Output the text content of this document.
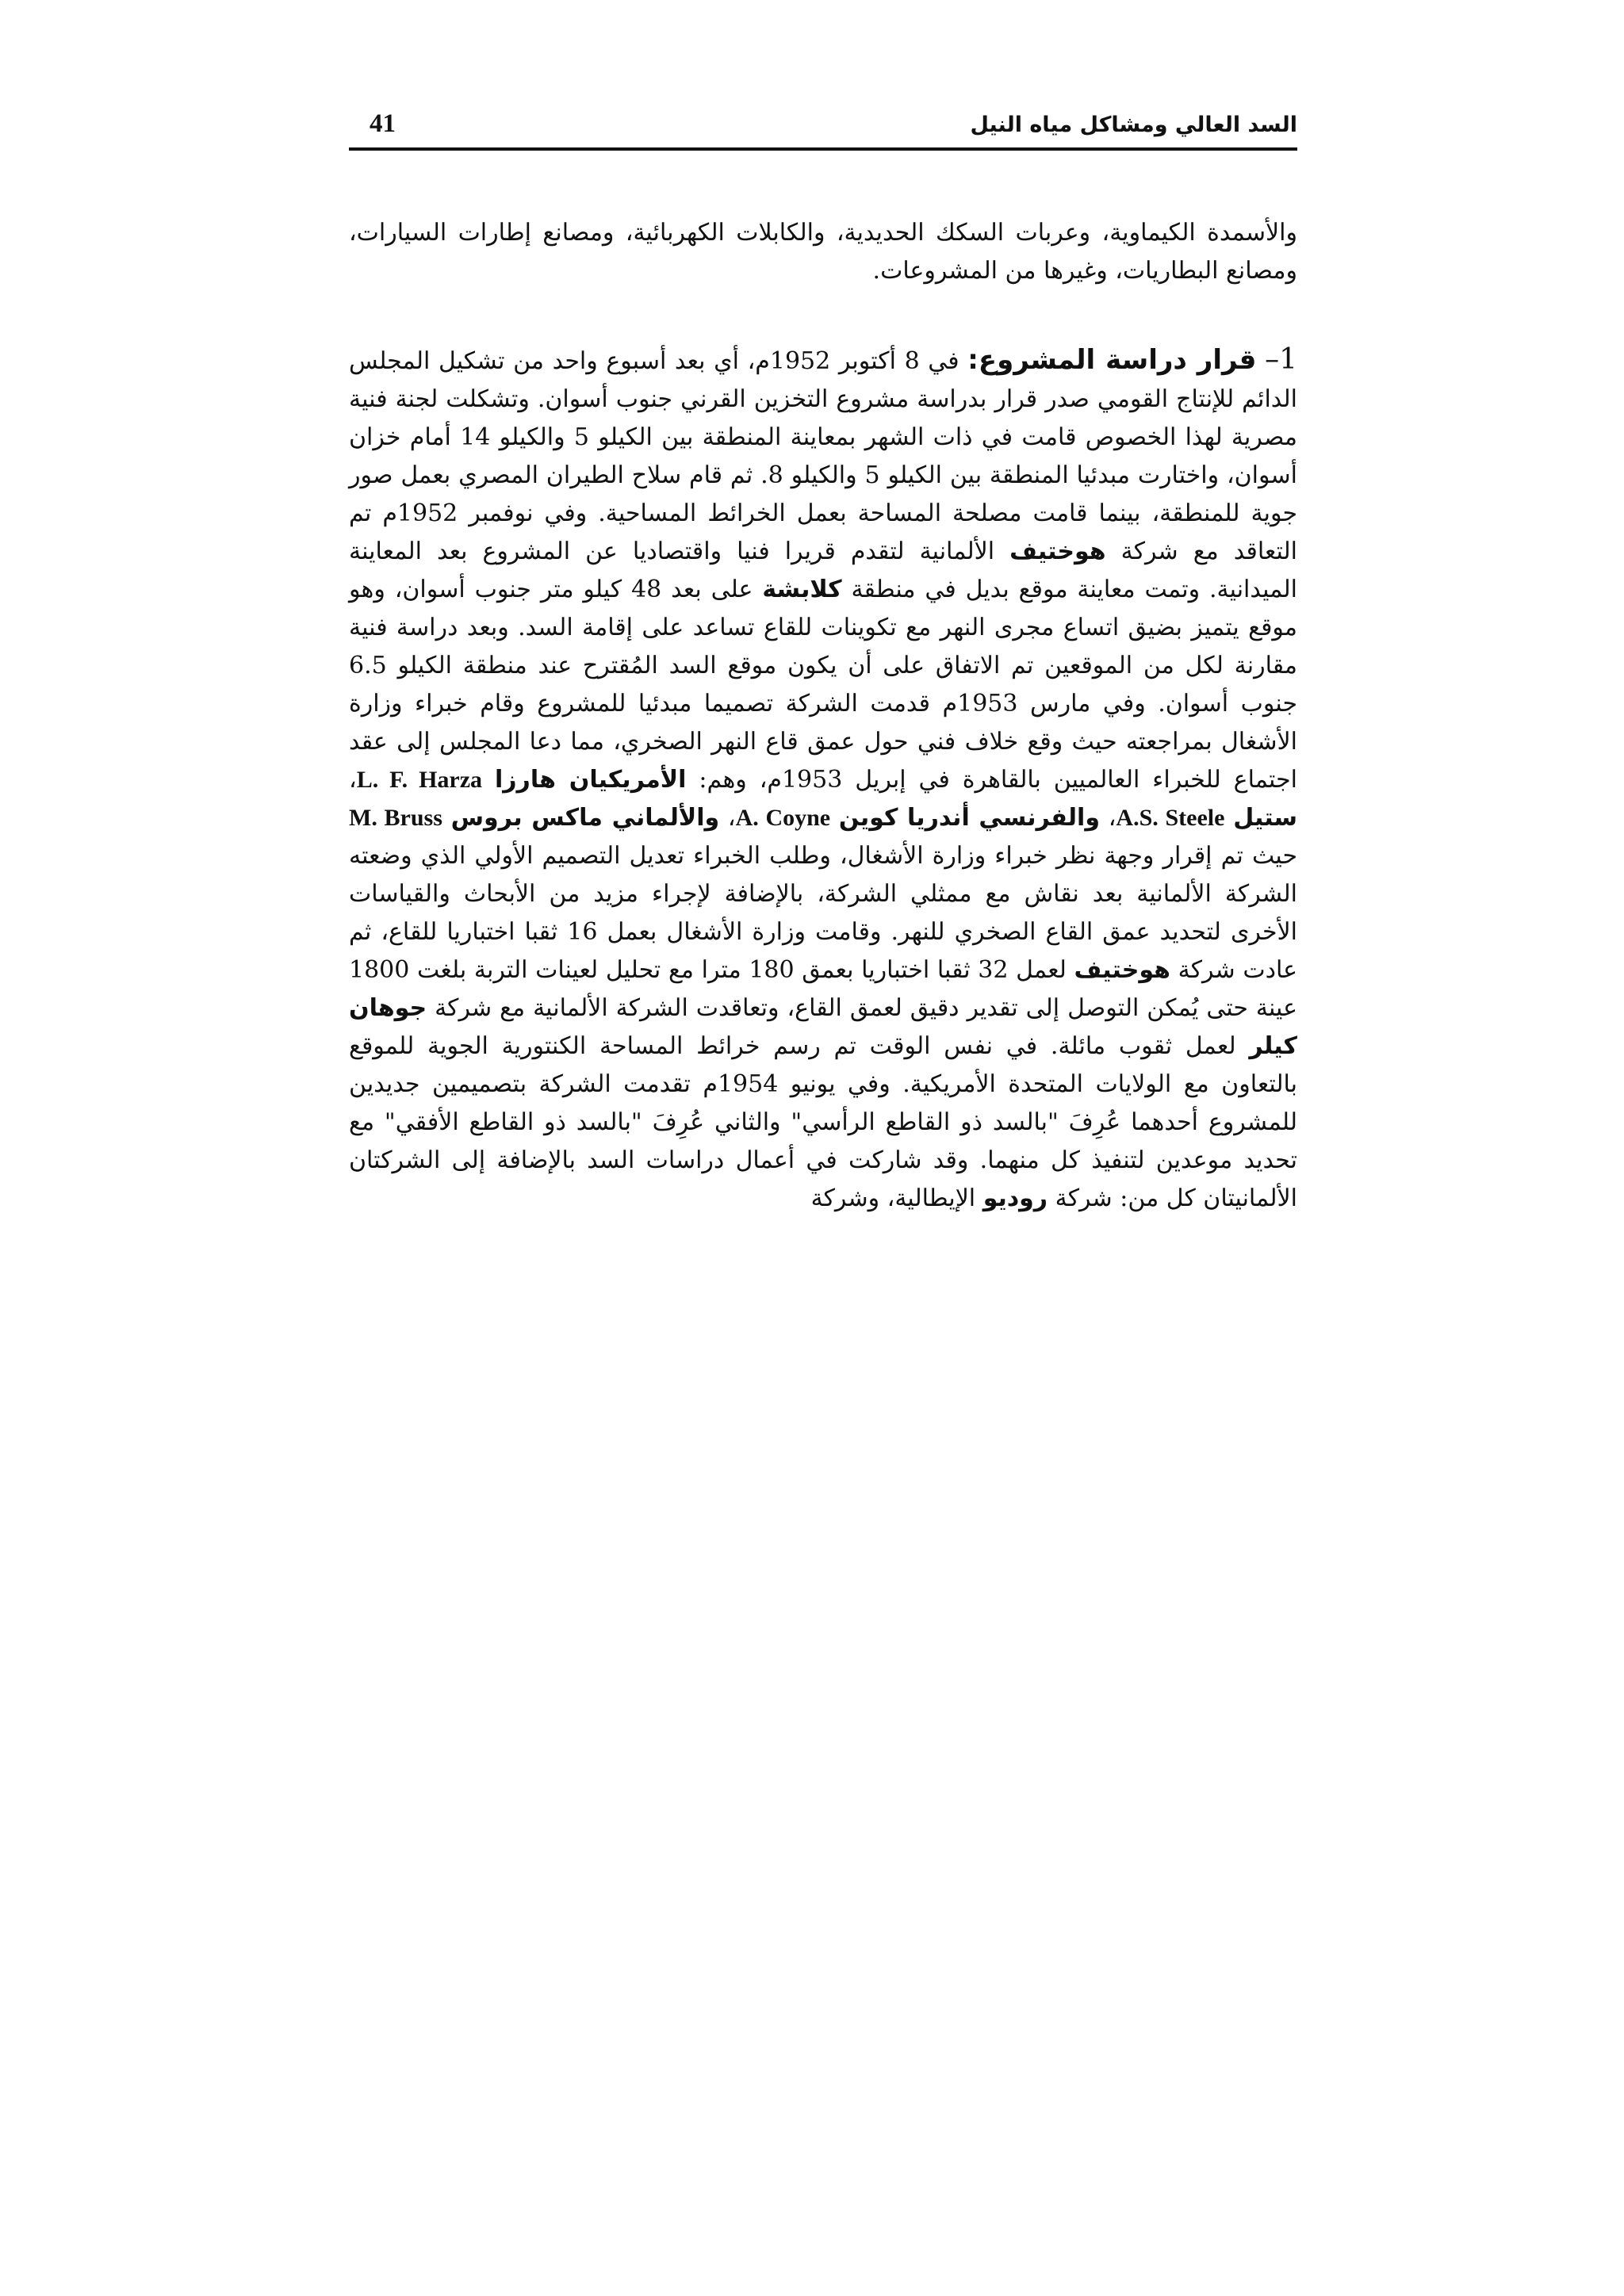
السد العالي ومشاكل مياه النيل
41

والأسمدة الكيماوية، وعربات السكك الحديدية، والكابلات الكهربائية، ومصانع إطارات السيارات، ومصانع البطاريات، وغيرها من المشروعات.

1– قرار دراسة المشروع: في 8 أكتوبر 1952م، أي بعد أسبوع واحد من تشكيل المجلس الدائم للإنتاج القومي صدر قرار بدراسة مشروع التخزين القرني جنوب أسوان. وتشكلت لجنة فنية مصرية لهذا الخصوص قامت في ذات الشهر بمعاينة المنطقة بين الكيلو 5 والكيلو 14 أمام خزان أسوان، واختارت مبدئيا المنطقة بين الكيلو 5 والكيلو 8. ثم قام سلاح الطيران المصري بعمل صور جوية للمنطقة، بينما قامت مصلحة المساحة بعمل الخرائط المساحية. وفي نوفمبر 1952م تم التعاقد مع شركة هوختيف الألمانية لتقدم قريرا فنيا واقتصاديا عن المشروع بعد المعاينة الميدانية. وتمت معاينة موقع بديل في منطقة كلابشة على بعد 48 كيلو متر جنوب أسوان، وهو موقع يتميز بضيق اتساع مجرى النهر مع تكوينات للقاع تساعد على إقامة السد. وبعد دراسة فنية مقارنة لكل من الموقعين تم الاتفاق على أن يكون موقع السد المُقترح عند منطقة الكيلو 6.5 جنوب أسوان. وفي مارس 1953م قدمت الشركة تصميما مبدئيا للمشروع وقام خبراء وزارة الأشغال بمراجعته حيث وقع خلاف فني حول عمق قاع النهر الصخري، مما دعا المجلس إلى عقد اجتماع للخبراء العالميين بالقاهرة في إبريل 1953م، وهم: الأمريكيان هارزا L. F. Harza، ستيل A.S. Steele، والفرنسي أندريا كوين A. Coyne، والألماني ماكس بروس M. Bruss حيث تم إقرار وجهة نظر خبراء وزارة الأشغال، وطلب الخبراء تعديل التصميم الأولي الذي وضعته الشركة الألمانية بعد نقاش مع ممثلي الشركة، بالإضافة لإجراء مزيد من الأبحاث والقياسات الأخرى لتحديد عمق القاع الصخري للنهر. وقامت وزارة الأشغال بعمل 16 ثقبا اختباريا للقاع، ثم عادت شركة هوختيف لعمل 32 ثقبا اختباريا بعمق 180 مترا مع تحليل لعينات التربة بلغت 1800 عينة حتى يُمكن التوصل إلى تقدير دقيق لعمق القاع، وتعاقدت الشركة الألمانية مع شركة جوهان كيلر لعمل ثقوب مائلة. في نفس الوقت تم رسم خرائط المساحة الكنتورية الجوية للموقع بالتعاون مع الولايات المتحدة الأمريكية. وفي يونيو 1954م تقدمت الشركة بتصميمين جديدين للمشروع أحدهما عُرِفَ "بالسد ذو القاطع الرأسي" والثاني عُرِفَ "بالسد ذو القاطع الأفقي" مع تحديد موعدين لتنفيذ كل منهما. وقد شاركت في أعمال دراسات السد بالإضافة إلى الشركتان الألمانيتان كل من: شركة روديو الإيطالية، وشركة
